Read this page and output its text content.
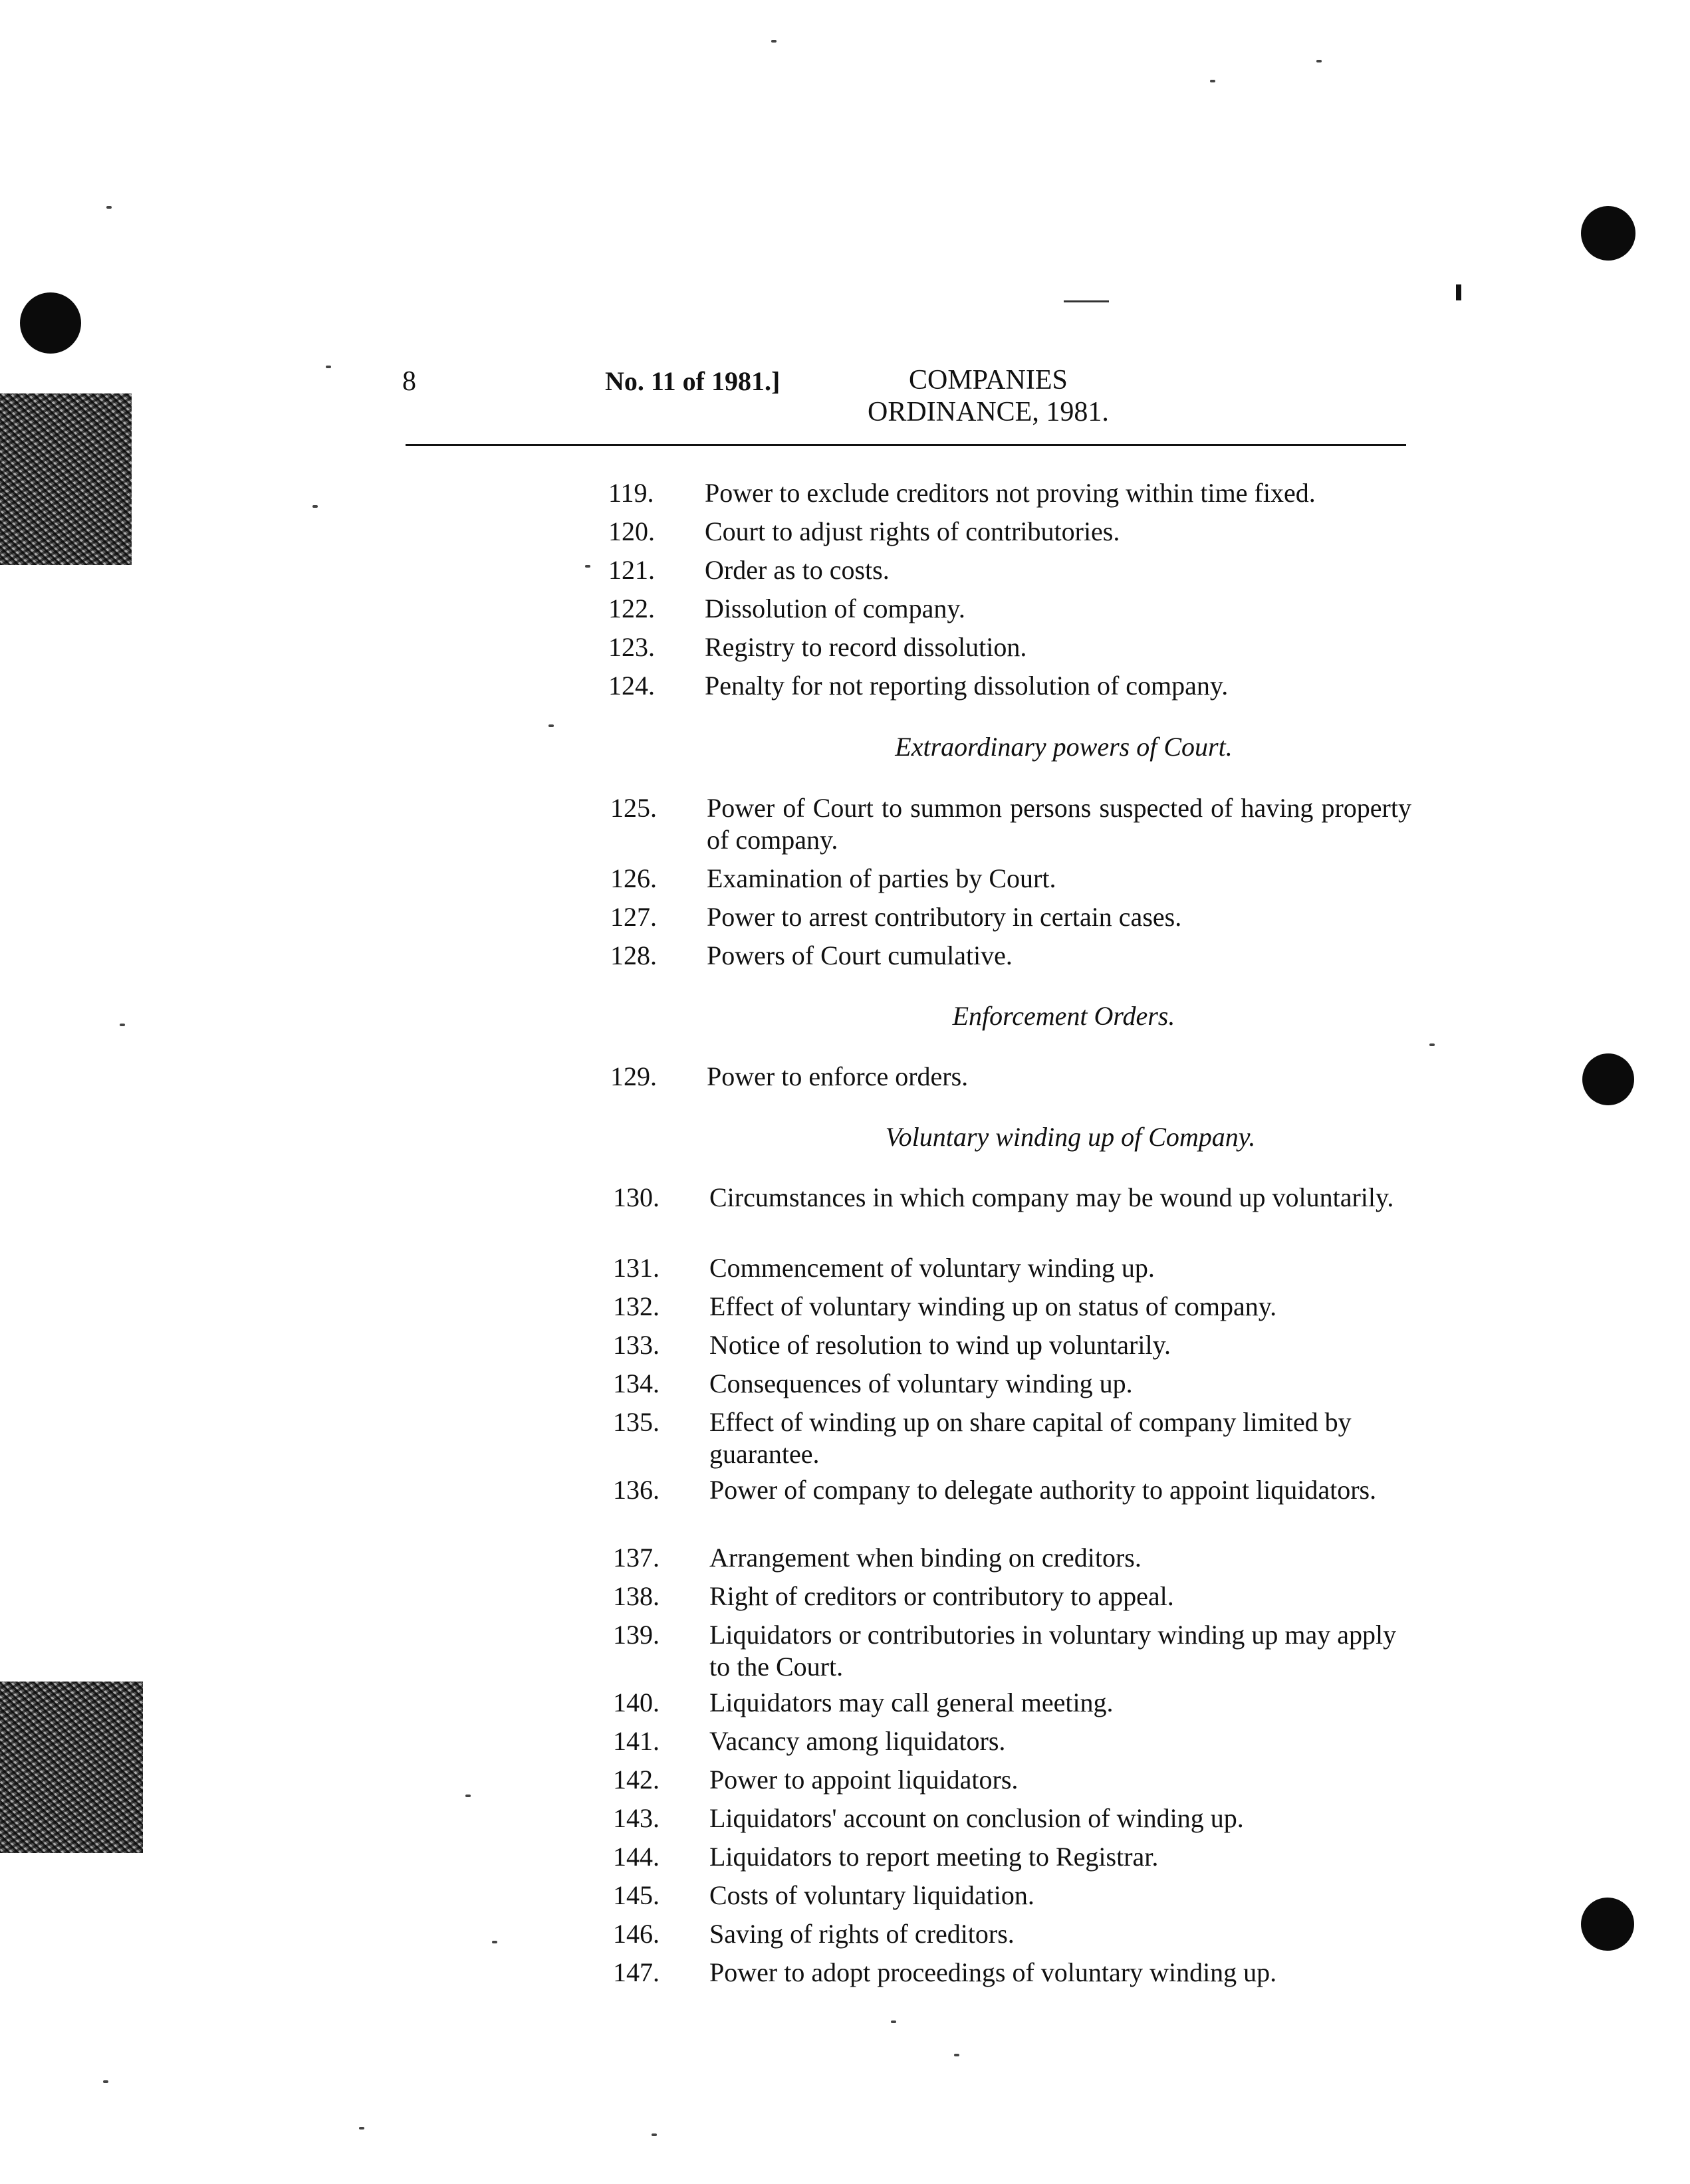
8	No. 11 of 1981.]	COMPANIES
ORDINANCE, 1981.
119.	Power to exclude creditors not proving within time fixed.
120.	Court to adjust rights of contributories.
121.	Order as to costs.
122.	Dissolution of company.
123.	Registry to record dissolution.
124.	Penalty for not reporting dissolution of company.
Extraordinary powers of Court.
125.	Power of Court to summon persons suspected of having property of company.
126.	Examination of parties by Court.
127.	Power to arrest contributory in certain cases.
128.	Powers of Court cumulative.
Enforcement Orders.
129.	Power to enforce orders.
Voluntary winding up of Company.
130.	Circumstances in which company may be wound up voluntarily.
131.	Commencement of voluntary winding up.
132.	Effect of voluntary winding up on status of company.
133.	Notice of resolution to wind up voluntarily.
134.	Consequences of voluntary winding up.
135.	Effect of winding up on share capital of company limited by guarantee.
136.	Power of company to delegate authority to appoint liquidators.
137.	Arrangement when binding on creditors.
138.	Right of creditors or contributory to appeal.
139.	Liquidators or contributories in voluntary winding up may apply to the Court.
140.	Liquidators may call general meeting.
141.	Vacancy among liquidators.
142.	Power to appoint liquidators.
143.	Liquidators' account on conclusion of winding up.
144.	Liquidators to report meeting to Registrar.
145.	Costs of voluntary liquidation.
146.	Saving of rights of creditors.
147.	Power to adopt proceedings of voluntary winding up.
